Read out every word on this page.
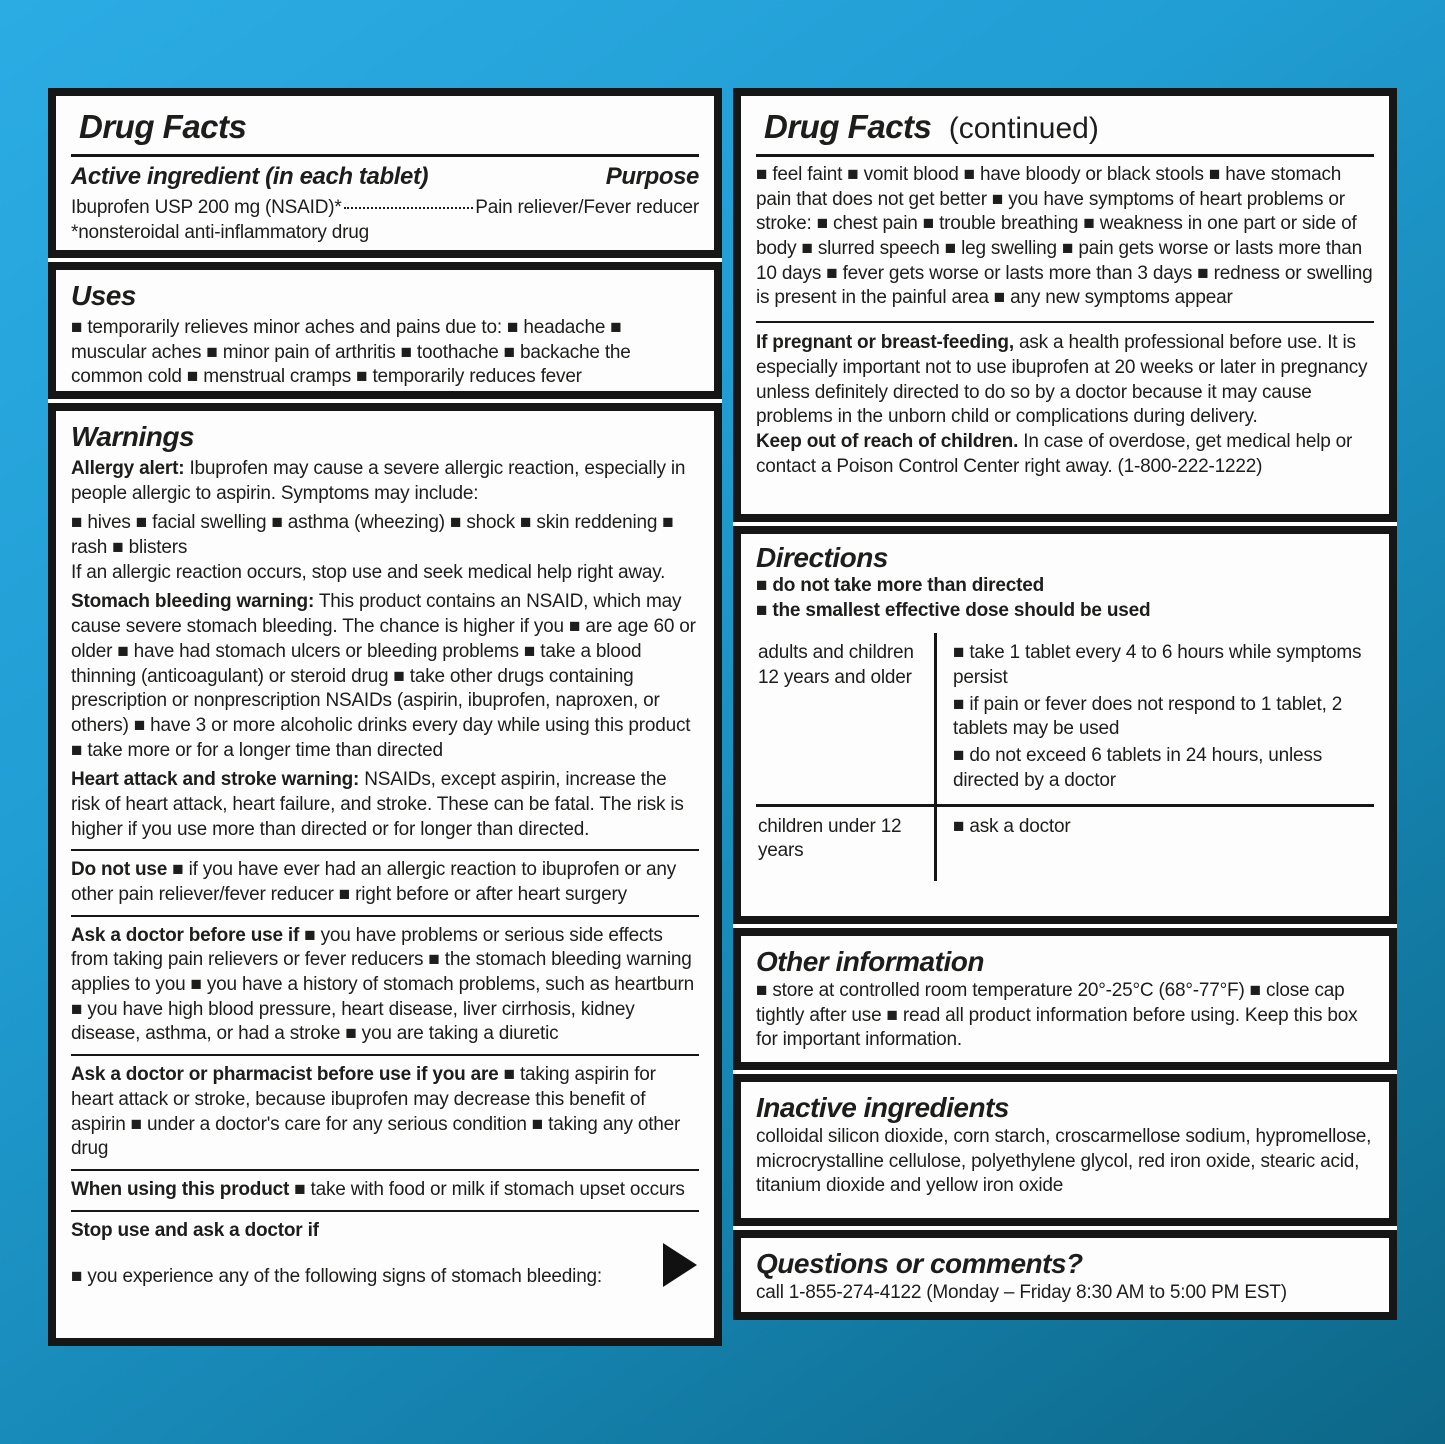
Drug Facts
Active ingredient (in each tablet)	Purpose
Ibuprofen USP 200 mg (NSAID)*	Pain reliever/Fever reducer

*nonsteroidal anti-inflammatory drug

Uses

■ temporarily relieves minor aches and pains due to: ■ headache ■ muscular aches ■ minor pain of arthritis ■ toothache ■ backache the common cold ■ menstrual cramps ■ temporarily reduces fever

Warnings

Allergy alert: Ibuprofen may cause a severe allergic reaction, especially in people allergic to aspirin. Symptoms may include:

■ hives ■ facial swelling ■ asthma (wheezing) ■ shock ■ skin reddening ■ rash ■ blisters

If an allergic reaction occurs, stop use and seek medical help right away.

Stomach bleeding warning: This product contains an NSAID, which may cause severe stomach bleeding. The chance is higher if you ■ are age 60 or older ■ have had stomach ulcers or bleeding problems ■ take a blood thinning (anticoagulant) or steroid drug ■ take other drugs containing prescription or nonprescription NSAIDs (aspirin, ibuprofen, naproxen, or others) ■ have 3 or more alcoholic drinks every day while using this product ■ take more or for a longer time than directed

Heart attack and stroke warning: NSAIDs, except aspirin, increase the risk of heart attack, heart failure, and stroke. These can be fatal. The risk is higher if you use more than directed or for longer than directed.

Do not use ■ if you have ever had an allergic reaction to ibuprofen or any other pain reliever/fever reducer ■ right before or after heart surgery

Ask a doctor before use if ■ you have problems or serious side effects from taking pain relievers or fever reducers ■ the stomach bleeding warning applies to you ■ you have a history of stomach problems, such as heartburn ■ you have high blood pressure, heart disease, liver cirrhosis, kidney disease, asthma, or had a stroke ■ you are taking a diuretic

Ask a doctor or pharmacist before use if you are ■ taking aspirin for heart attack or stroke, because ibuprofen may decrease this benefit of aspirin ■ under a doctor's care for any serious condition ■ taking any other drug

When using this product ■ take with food or milk if stomach upset occurs

Stop use and ask a doctor if

■ you experience any of the following signs of stomach bleeding:

Drug Facts (continued)

■ feel faint ■ vomit blood ■ have bloody or black stools ■ have stomach pain that does not get better ■ you have symptoms of heart problems or stroke: ■ chest pain ■ trouble breathing ■ weakness in one part or side of body ■ slurred speech ■ leg swelling ■ pain gets worse or lasts more than 10 days ■ fever gets worse or lasts more than 3 days ■ redness or swelling is present in the painful area ■ any new symptoms appear

If pregnant or breast-feeding, ask a health professional before use. It is especially important not to use ibuprofen at 20 weeks or later in pregnancy unless definitely directed to do so by a doctor because it may cause problems in the unborn child or complications during delivery.

Keep out of reach of children. In case of overdose, get medical help or contact a Poison Control Center right away. (1-800-222-1222)

Directions

■ do not take more than directed

■ the smallest effective dose should be used

adults and children 12 years and older

■ take 1 tablet every 4 to 6 hours while symptoms persist

■ if pain or fever does not respond to 1 tablet, 2 tablets may be used

■ do not exceed 6 tablets in 24 hours, unless directed by a doctor

children under 12 years

■ ask a doctor

Other information

■ store at controlled room temperature 20°-25°C (68°-77°F) ■ close cap tightly after use ■ read all product information before using. Keep this box for important information.

Inactive ingredients

colloidal silicon dioxide, corn starch, croscarmellose sodium, hypromellose, microcrystalline cellulose, polyethylene glycol, red iron oxide, stearic acid, titanium dioxide and yellow iron oxide

Questions or comments?

call 1-855-274-4122 (Monday – Friday 8:30 AM to 5:00 PM EST)
